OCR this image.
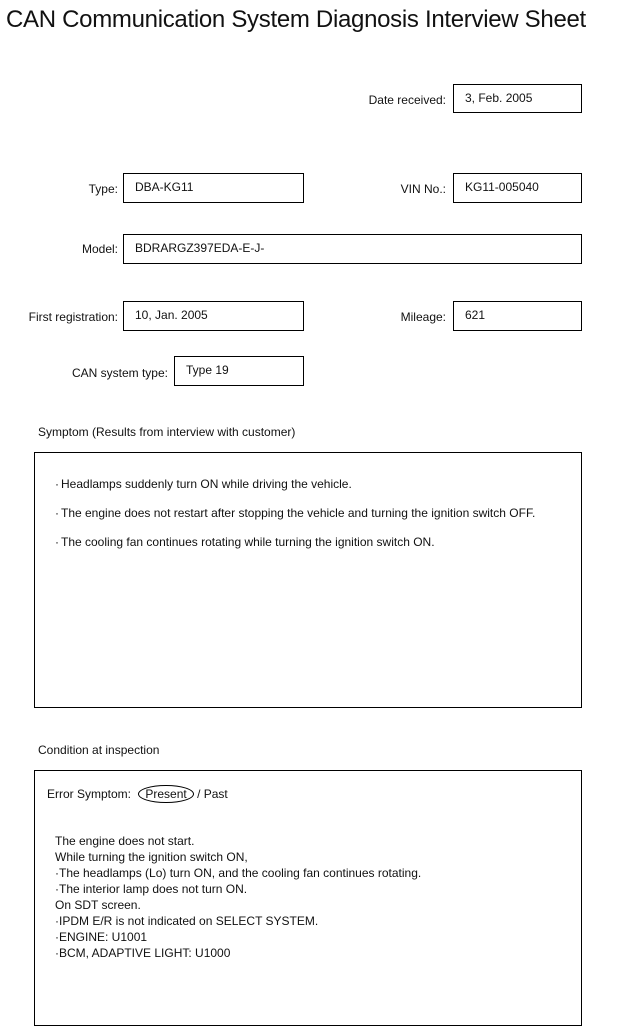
CAN Communication System Diagnosis Interview Sheet
Date received:	3, Feb. 2005
Type:	DBA-KG11	VIN No.:	KG11-005040
Model:	BDRARGZ397EDA-E-J-
First registration:	10, Jan. 2005	Mileage:	621
CAN system type:	Type 19
Symptom (Results from interview with customer)
· Headlamps suddenly turn ON while driving the vehicle.
· The engine does not restart after stopping the vehicle and turning the ignition switch OFF.
· The cooling fan continues rotating while turning the ignition switch ON.
Condition at inspection
Error Symptom: Present / Past
The engine does not start.
While turning the ignition switch ON,
· The headlamps (Lo) turn ON, and the cooling fan continues rotating.
· The interior lamp does not turn ON.
On SDT screen.
· IPDM E/R is not indicated on SELECT SYSTEM.
· ENGINE: U1001
· BCM, ADAPTIVE LIGHT: U1000
